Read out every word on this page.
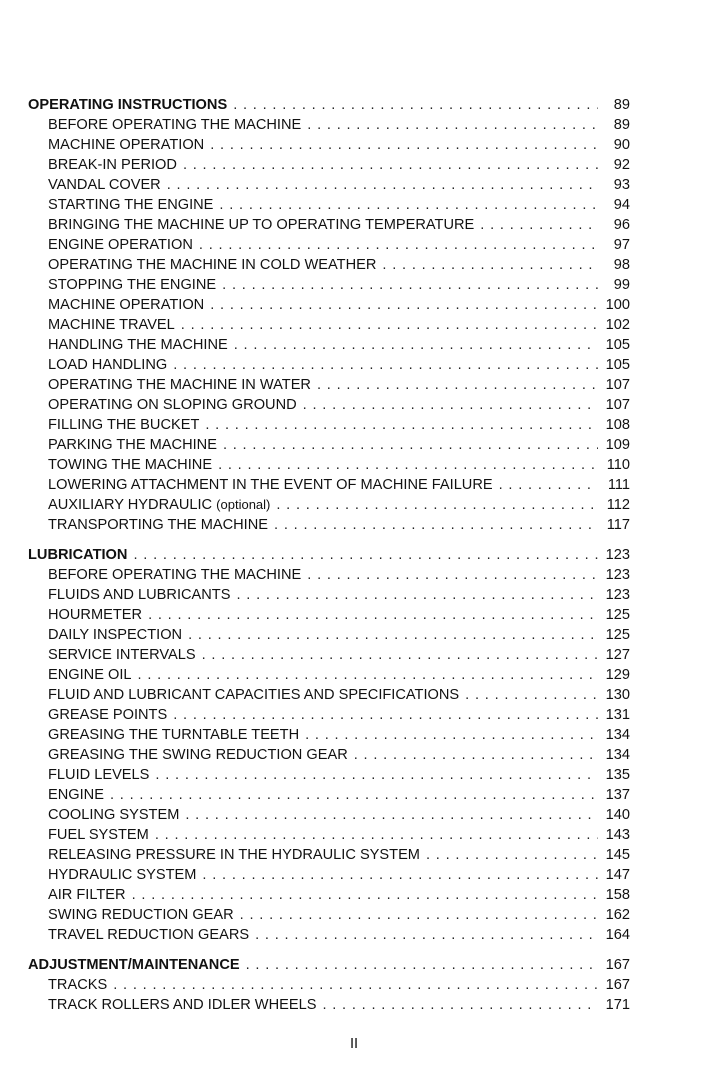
OPERATING INSTRUCTIONS . . .	89
BEFORE OPERATING THE MACHINE . . .	89
MACHINE OPERATION . . .	90
BREAK-IN PERIOD . . .	92
VANDAL COVER . . .	93
STARTING THE ENGINE . . .	94
BRINGING THE MACHINE UP TO OPERATING TEMPERATURE . . .	96
ENGINE OPERATION . . .	97
OPERATING THE MACHINE IN COLD WEATHER . . .	98
STOPPING THE ENGINE . . .	99
MACHINE OPERATION . . .	100
MACHINE TRAVEL . . .	102
HANDLING THE MACHINE . . .	105
LOAD HANDLING . . .	105
OPERATING THE MACHINE IN WATER . . .	107
OPERATING ON SLOPING GROUND . . .	107
FILLING THE BUCKET . . .	108
PARKING THE MACHINE . . .	109
TOWING THE MACHINE . . .	110
LOWERING ATTACHMENT IN THE EVENT OF MACHINE FAILURE . . .	111
AUXILIARY HYDRAULIC (optional) . . .	112
TRANSPORTING THE MACHINE . . .	117
LUBRICATION . . .	123
BEFORE OPERATING THE MACHINE . . .	123
FLUIDS AND LUBRICANTS . . .	123
HOURMETER . . .	125
DAILY INSPECTION . . .	125
SERVICE INTERVALS . . .	127
ENGINE OIL . . .	129
FLUID AND LUBRICANT CAPACITIES AND SPECIFICATIONS . . .	130
GREASE POINTS . . .	131
GREASING THE TURNTABLE TEETH . . .	134
GREASING THE SWING REDUCTION GEAR . . .	134
FLUID LEVELS . . .	135
ENGINE . . .	137
COOLING SYSTEM . . .	140
FUEL SYSTEM . . .	143
RELEASING PRESSURE IN THE HYDRAULIC SYSTEM . . .	145
HYDRAULIC SYSTEM . . .	147
AIR FILTER . . .	158
SWING REDUCTION GEAR . . .	162
TRAVEL REDUCTION GEARS . . .	164
ADJUSTMENT/MAINTENANCE . . .	167
TRACKS . . .	167
TRACK ROLLERS AND IDLER WHEELS . . .	171
II
